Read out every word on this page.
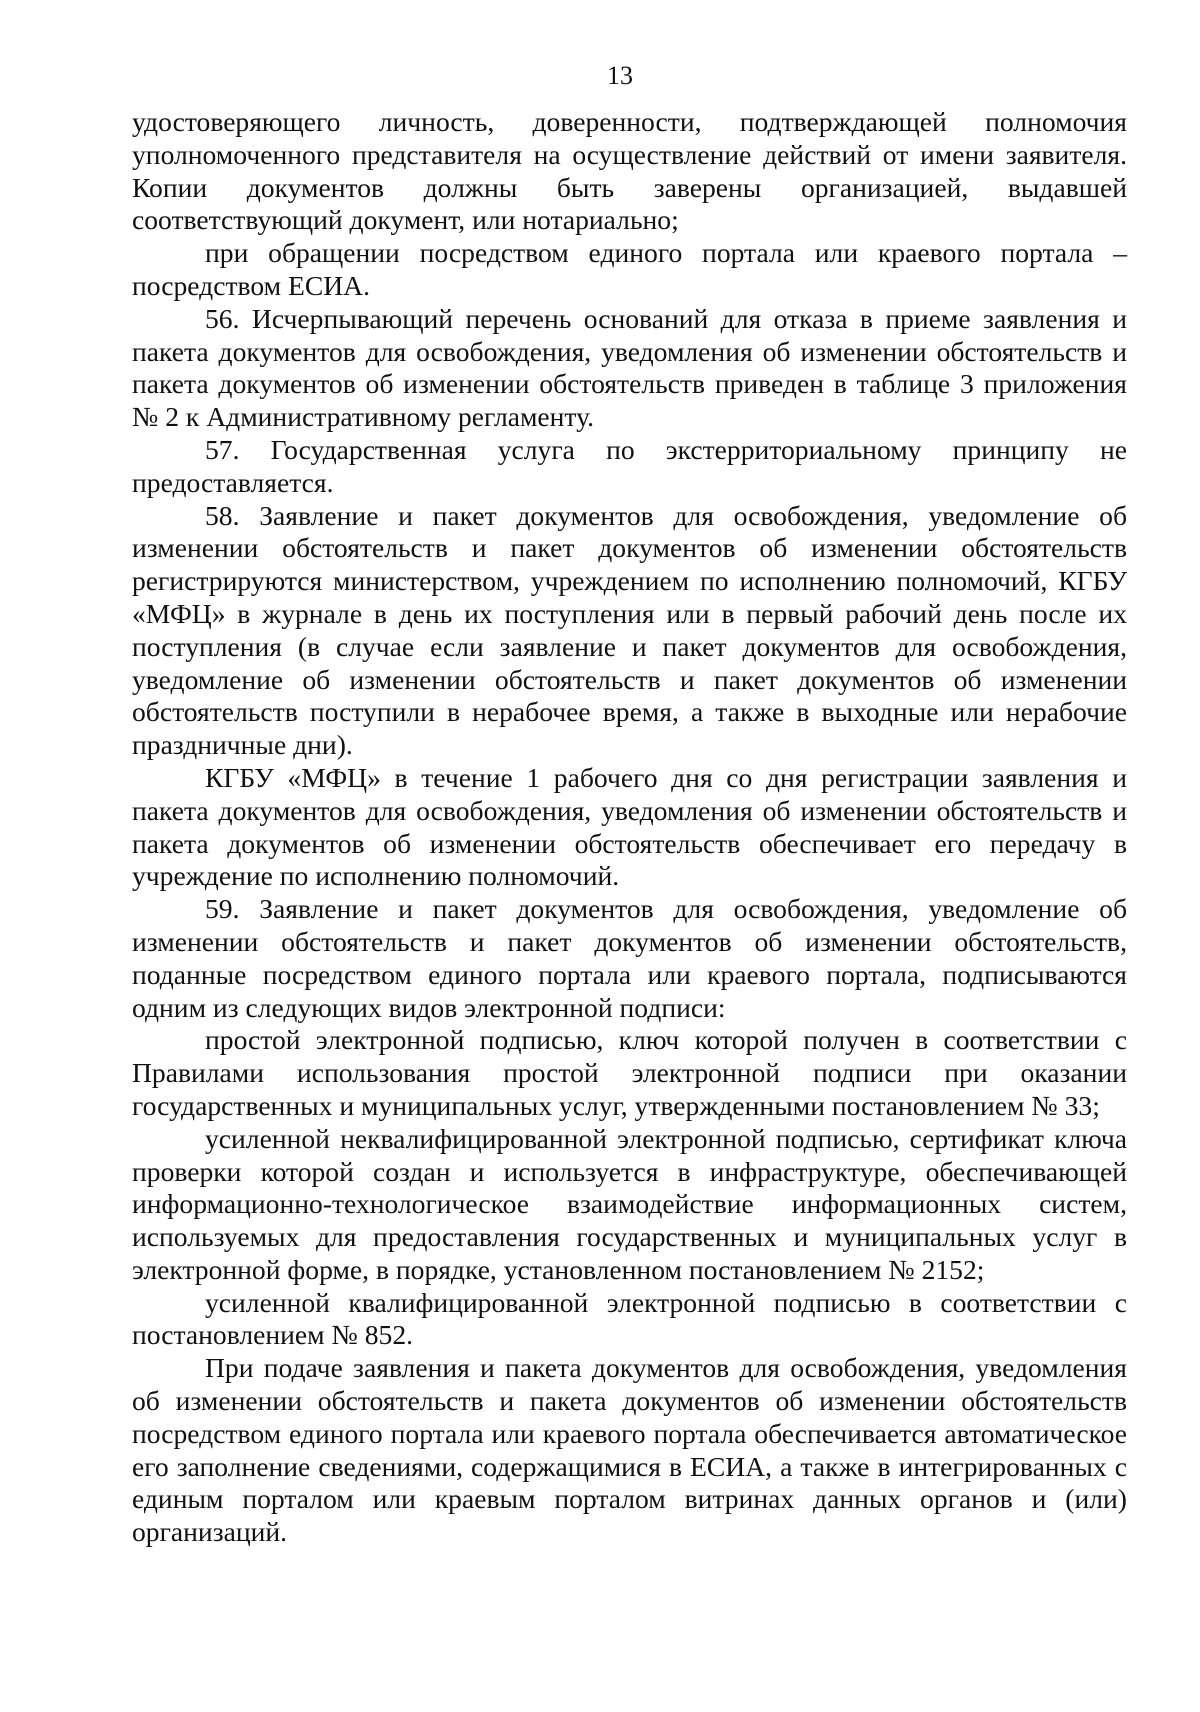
13

удостоверяющего личность, доверенности, подтверждающей полномочия уполномоченного представителя на осуществление действий от имени заявителя. Копии документов должны быть заверены организацией, выдавшей соответствующий документ, или нотариально;

при обращении посредством единого портала или краевого портала – посредством ЕСИА.

56. Исчерпывающий перечень оснований для отказа в приеме заявления и пакета документов для освобождения, уведомления об изменении обстоятельств и пакета документов об изменении обстоятельств приведен в таблице 3 приложения № 2 к Административному регламенту.

57. Государственная услуга по экстерриториальному принципу не предоставляется.

58. Заявление и пакет документов для освобождения, уведомление об изменении обстоятельств и пакет документов об изменении обстоятельств регистрируются министерством, учреждением по исполнению полномочий, КГБУ «МФЦ» в журнале в день их поступления или в первый рабочий день после их поступления (в случае если заявление и пакет документов для освобождения, уведомление об изменении обстоятельств и пакет документов об изменении обстоятельств поступили в нерабочее время, а также в выходные или нерабочие праздничные дни).

КГБУ «МФЦ» в течение 1 рабочего дня со дня регистрации заявления и пакета документов для освобождения, уведомления об изменении обстоятельств и пакета документов об изменении обстоятельств обеспечивает его передачу в учреждение по исполнению полномочий.

59. Заявление и пакет документов для освобождения, уведомление об изменении обстоятельств и пакет документов об изменении обстоятельств, поданные посредством единого портала или краевого портала, подписываются одним из следующих видов электронной подписи:

простой электронной подписью, ключ которой получен в соответствии с Правилами использования простой электронной подписи при оказании государственных и муниципальных услуг, утвержденными постановлением № 33;

усиленной неквалифицированной электронной подписью, сертификат ключа проверки которой создан и используется в инфраструктуре, обеспечивающей информационно-технологическое взаимодействие информационных систем, используемых для предоставления государственных и муниципальных услуг в электронной форме, в порядке, установленном постановлением № 2152;

усиленной квалифицированной электронной подписью в соответствии с постановлением № 852.

При подаче заявления и пакета документов для освобождения, уведомления об изменении обстоятельств и пакета документов об изменении обстоятельств посредством единого портала или краевого портала обеспечивается автоматическое его заполнение сведениями, содержащимися в ЕСИА, а также в интегрированных с единым порталом или краевым порталом витринах данных органов и (или) организаций.
